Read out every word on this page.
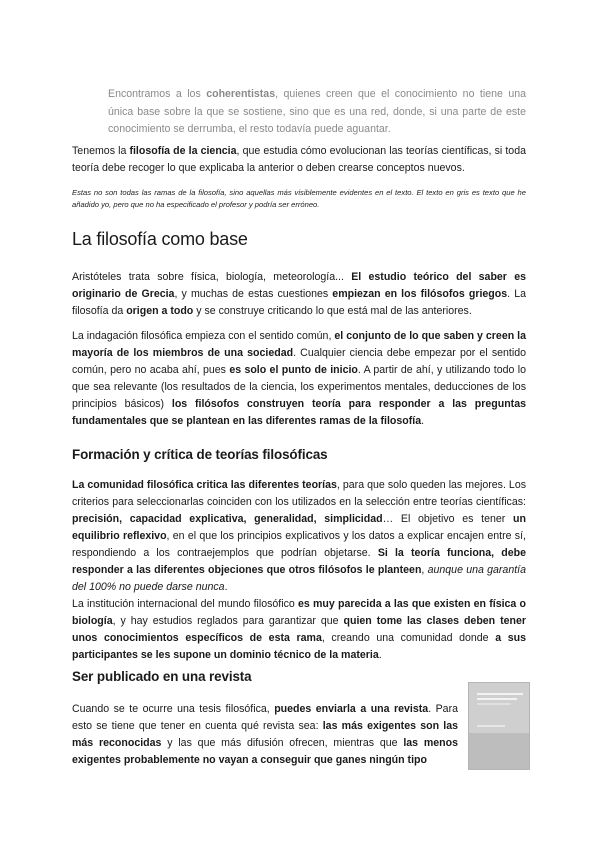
Encontramos a los coherentistas, quienes creen que el conocimiento no tiene una única base sobre la que se sostiene, sino que es una red, donde, si una parte de este conocimiento se derrumba, el resto todavía puede aguantar.

Tenemos la filosofía de la ciencia, que estudia cómo evolucionan las teorías científicas, si toda teoría debe recoger lo que explicaba la anterior o deben crearse conceptos nuevos.

Estas no son todas las ramas de la filosofía, sino aquellas más visiblemente evidentes en el texto. El texto en gris es texto que he añadido yo, pero que no ha especificado el profesor y podría ser erróneo.

La filosofía como base

Aristóteles trata sobre física, biología, meteorología... El estudio teórico del saber es originario de Grecia, y muchas de estas cuestiones empiezan en los filósofos griegos. La filosofía da origen a todo y se construye criticando lo que está mal de las anteriores.

La indagación filosófica empieza con el sentido común, el conjunto de lo que saben y creen la mayoría de los miembros de una sociedad. Cualquier ciencia debe empezar por el sentido común, pero no acaba ahí, pues es solo el punto de inicio. A partir de ahí, y utilizando todo lo que sea relevante (los resultados de la ciencia, los experimentos mentales, deducciones de los principios básicos) los filósofos construyen teoría para responder a las preguntas fundamentales que se plantean en las diferentes ramas de la filosofía.

Formación y crítica de teorías filosóficas

La comunidad filosófica critica las diferentes teorías, para que solo queden las mejores. Los criterios para seleccionarlas coinciden con los utilizados en la selección entre teorías científicas: precisión, capacidad explicativa, generalidad, simplicidad… El objetivo es tener un equilibrio reflexivo, en el que los principios explicativos y los datos a explicar encajen entre sí, respondiendo a los contraejemplos que podrían objetarse. Si la teoría funciona, debe responder a las diferentes objeciones que otros filósofos le planteen, aunque una garantía del 100% no puede darse nunca.

La institución internacional del mundo filosófico es muy parecida a las que existen en física o biología, y hay estudios reglados para garantizar que quien tome las clases deben tener unos conocimientos específicos de esta rama, creando una comunidad donde a sus participantes se les supone un dominio técnico de la materia.

Ser publicado en una revista

Cuando se te ocurre una tesis filosófica, puedes enviarla a una revista. Para esto se tiene que tener en cuenta qué revista sea: las más exigentes son las más reconocidas y las que más difusión ofrecen, mientras que las menos exigentes probablemente no vayan a conseguir que ganes ningún tipo
